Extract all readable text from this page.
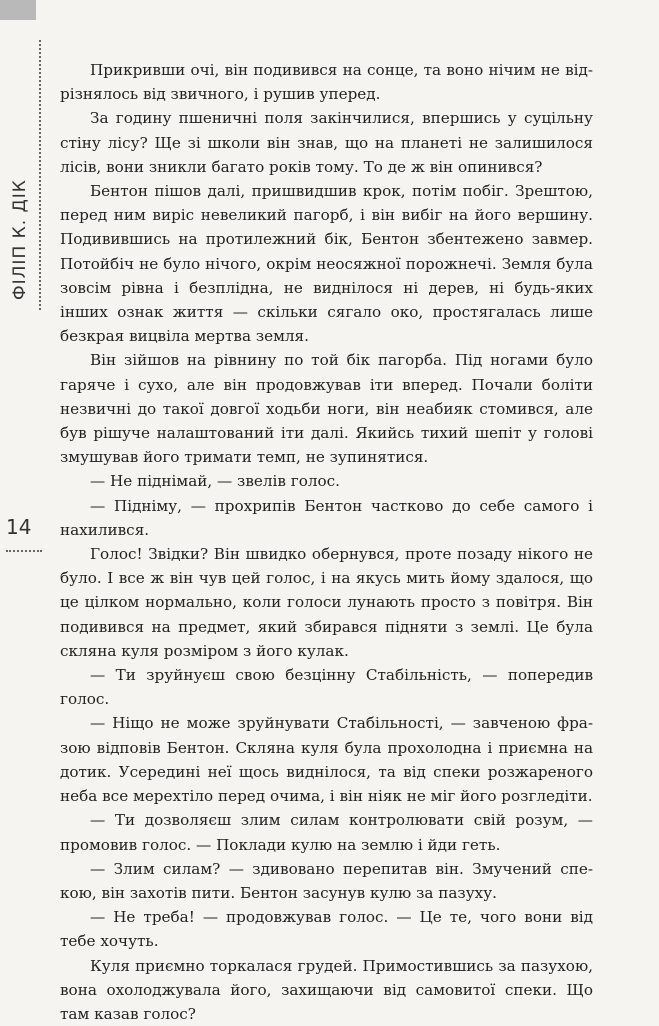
ФІЛІП К. ДІК
14

Прикривши очі, він подивився на сонце, та воно нічим не відрізнялось від звичного, і рушив уперед.

За годину пшеничні поля закінчилися, впершись у суцільну стіну лісу? Ще зі школи він знав, що на планеті не залишилося лісів, вони зникли багато років тому. То де ж він опинився?

Бентон пішов далі, пришвидшив крок, потім побіг. Зрештою, перед ним виріс невеликий пагорб, і він вибіг на його вершину. Подивившись на протилежний бік, Бентон збентежено завмер. Потойбіч не було нічого, окрім неосяжної порожнечі. Земля була зовсім рівна і безплідна, не виднілося ні дерев, ні будь-яких інших ознак життя — скільки сягало око, простягалась лише безкрая вицвіла мертва земля.

Він зійшов на рівнину по той бік пагорба. Під ногами було гаряче і сухо, але він продовжував іти вперед. Почали боліти незвичні до такої довгої ходьби ноги, він неабияк стомився, але був рішуче налаштований іти далі. Якийсь тихий шепіт у голові змушував його тримати темп, не зупинятися.

— Не піднімай, — звелів голос.

— Підніму, — прохрипів Бентон частково до себе самого і нахилився.

Голос! Звідки? Він швидко обернувся, проте позаду нікого не було. І все ж він чув цей голос, і на якусь мить йому здалося, що це цілком нормально, коли голоси лунають просто з повітря. Він подивився на предмет, який збирався підняти з землі. Це була скляна куля розміром з його кулак.

— Ти зруйнуєш свою безцінну Стабільність, — попередив голос.

— Ніщо не може зруйнувати Стабільності, — завченою фразою відповів Бентон. Скляна куля була прохолодна і приємна на дотик. Усередині неї щось виднілося, та від спеки розжареного неба все мерехтіло перед очима, і він ніяк не міг його розгледіти.

— Ти дозволяєш злим силам контролювати свій розум, — промовив голос. — Поклади кулю на землю і йди геть.

— Злим силам? — здивовано перепитав він. Змучений спекою, він захотів пити. Бентон засунув кулю за пазуху.

— Не треба! — продовжував голос. — Це те, чого вони від тебе хочуть.

Куля приємно торкалася грудей. Примостившись за пазухою, вона охолоджувала його, захищаючи від самовитої спеки. Що там казав голос?
